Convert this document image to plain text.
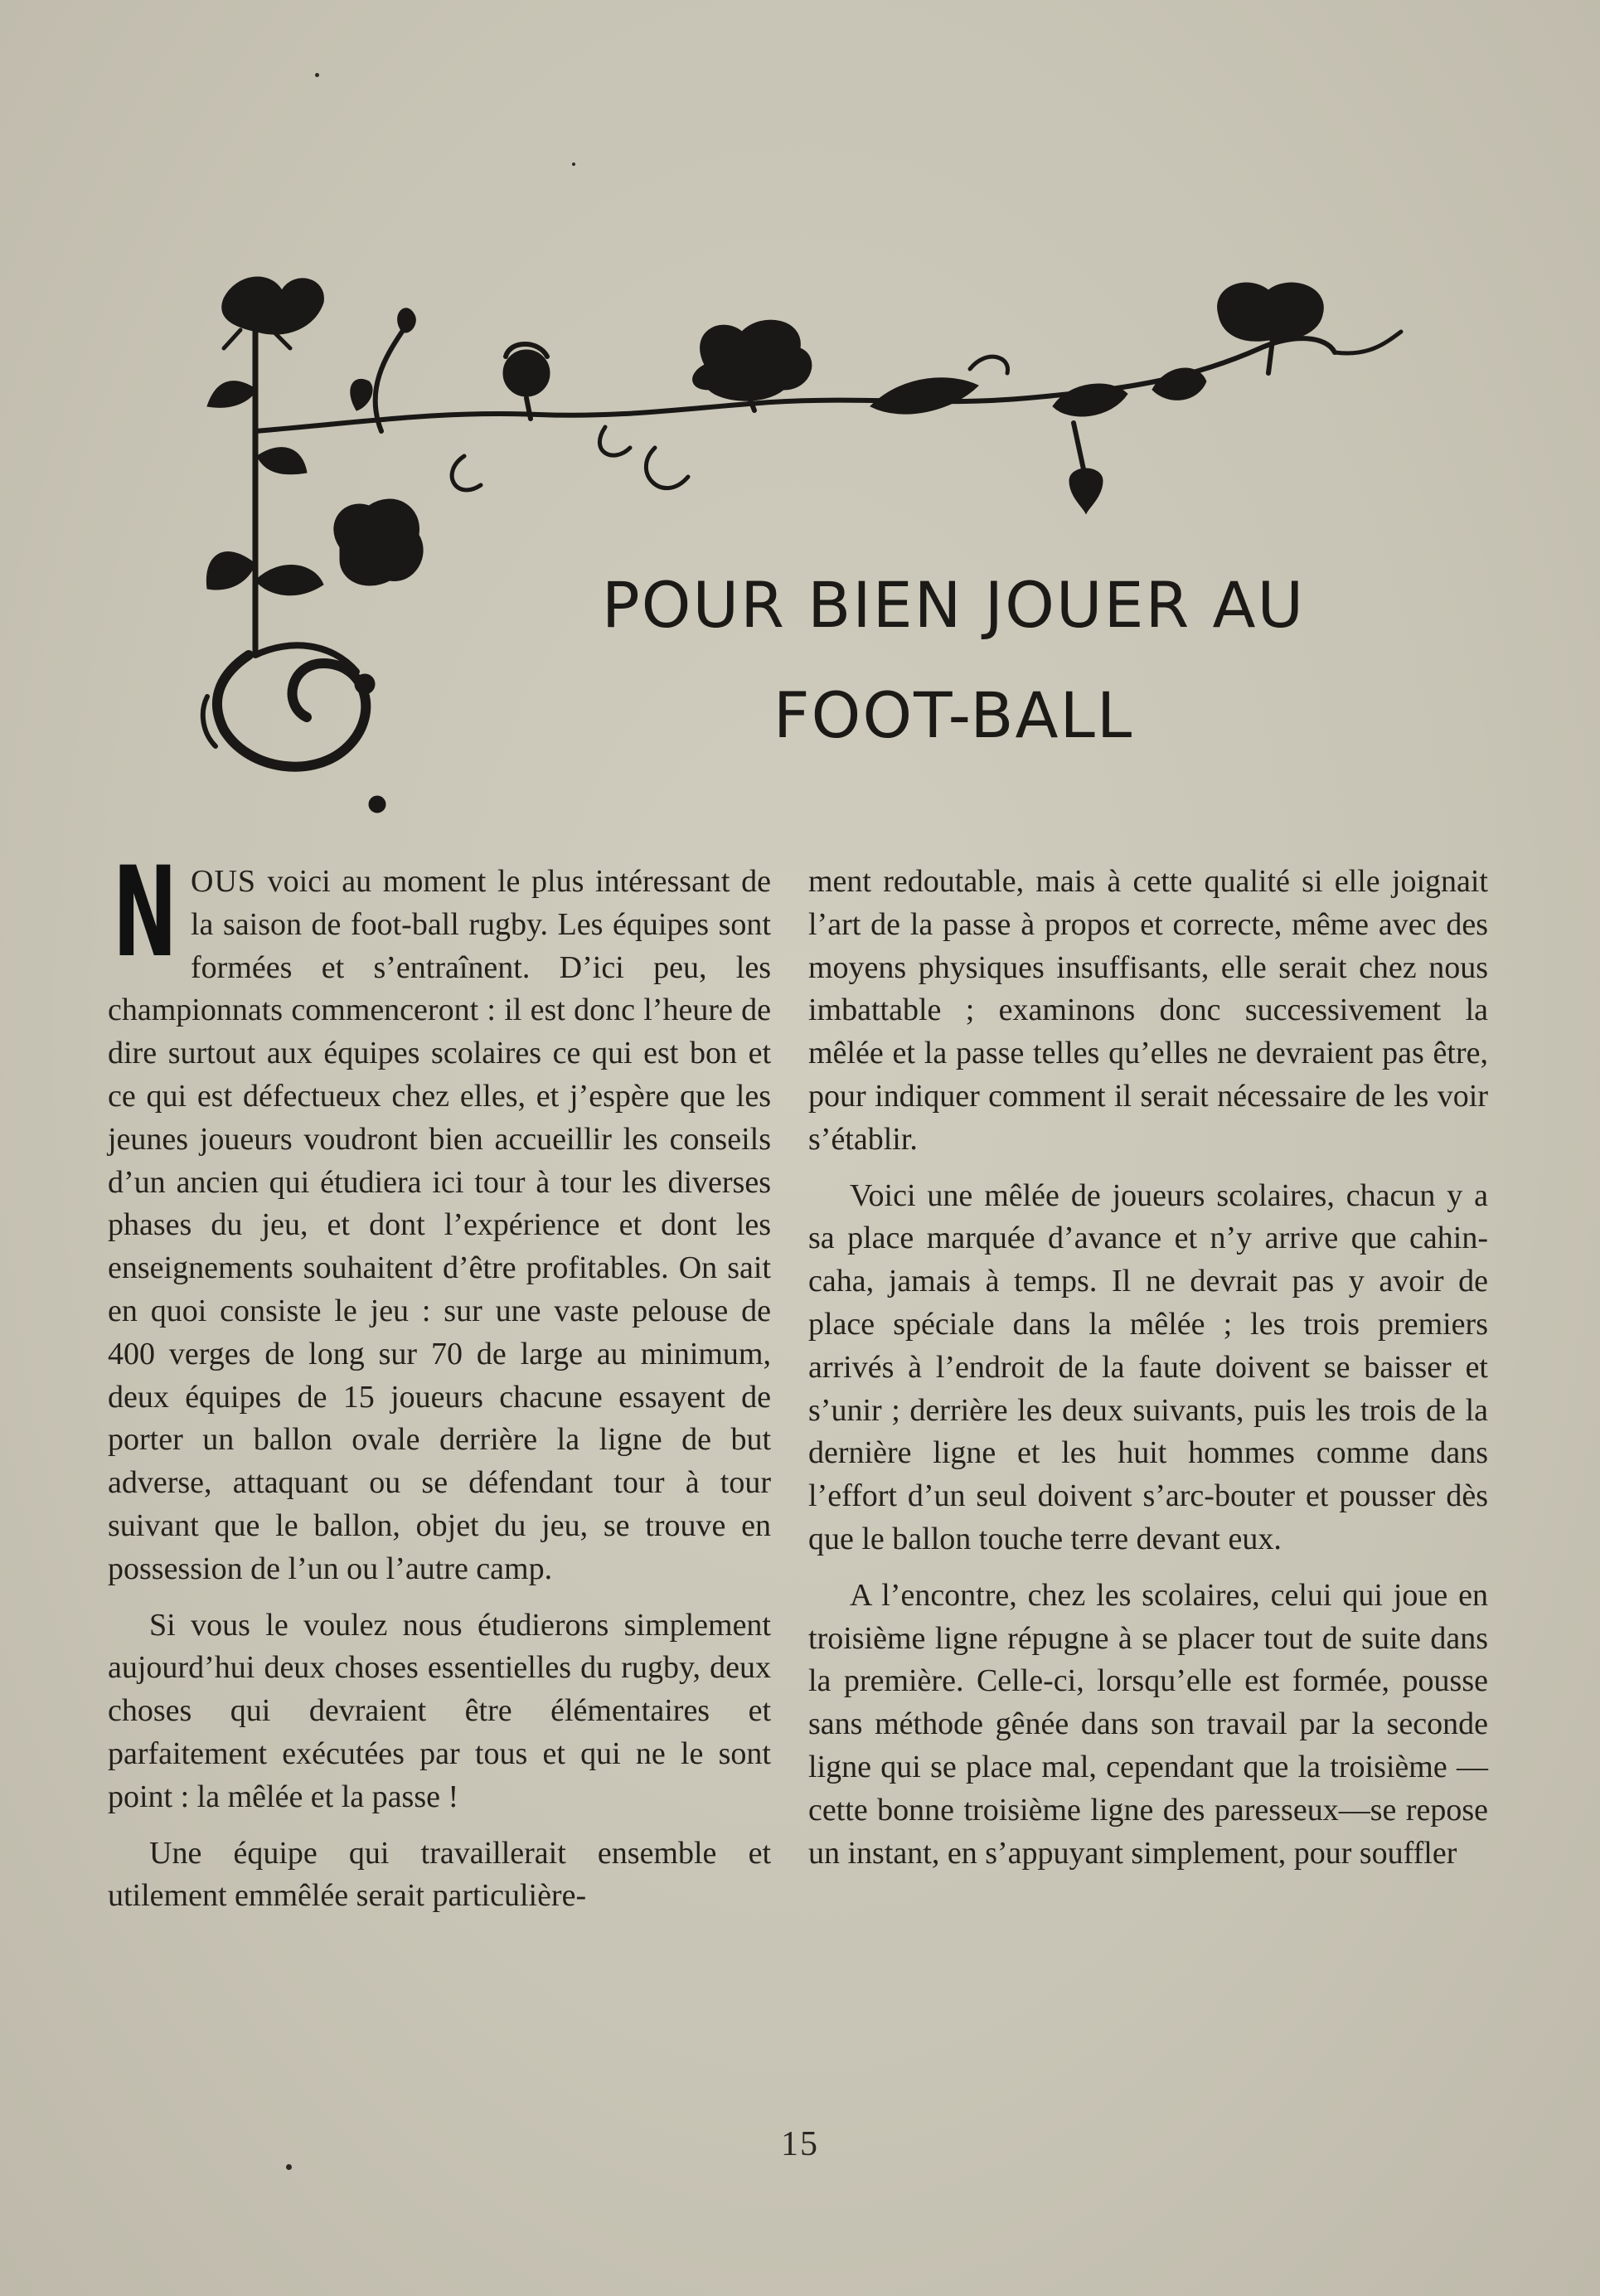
POUR BIEN JOUER AU
FOOT-BALL

NOUS voici au moment le plus intéressant de la saison de foot-ball rugby. Les équipes sont formées et s’entraînent. D’ici peu, les championnats commenceront : il est donc l’heure de dire surtout aux équipes scolaires ce qui est bon et ce qui est défectueux chez elles, et j’espère que les jeunes joueurs voudront bien accueillir les conseils d’un ancien qui étudiera ici tour à tour les diverses phases du jeu, et dont l’expérience et dont les enseignements souhaitent d’être profitables. On sait en quoi consiste le jeu : sur une vaste pelouse de 400 verges de long sur 70 de large au minimum, deux équipes de 15 joueurs chacune essayent de porter un ballon ovale derrière la ligne de but adverse, attaquant ou se défendant tour à tour suivant que le ballon, objet du jeu, se trouve en possession de l’un ou l’autre camp.

Si vous le voulez nous étudierons simplement aujourd’hui deux choses essentielles du rugby, deux choses qui devraient être élémentaires et parfaitement exécutées par tous et qui ne le sont point : la mêlée et la passe !

Une équipe qui travaillerait ensemble et utilement emmêlée serait particulière-

ment redoutable, mais à cette qualité si elle joignait l’art de la passe à propos et correcte, même avec des moyens physiques insuffisants, elle serait chez nous imbattable ; examinons donc successivement la mêlée et la passe telles qu’elles ne devraient pas être, pour indiquer comment il serait nécessaire de les voir s’établir.

Voici une mêlée de joueurs scolaires, chacun y a sa place marquée d’avance et n’y arrive que cahin-caha, jamais à temps. Il ne devrait pas y avoir de place spéciale dans la mêlée ; les trois premiers arrivés à l’endroit de la faute doivent se baisser et s’unir ; derrière les deux suivants, puis les trois de la dernière ligne et les huit hommes comme dans l’effort d’un seul doivent s’arc-bouter et pousser dès que le ballon touche terre devant eux.

A l’encontre, chez les scolaires, celui qui joue en troisième ligne répugne à se placer tout de suite dans la première. Celle-ci, lorsqu’elle est formée, pousse sans méthode gênée dans son travail par la seconde ligne qui se place mal, cependant que la troisième — cette bonne troisième ligne des paresseux—se repose un instant, en s’appuyant simplement, pour souffler

15
